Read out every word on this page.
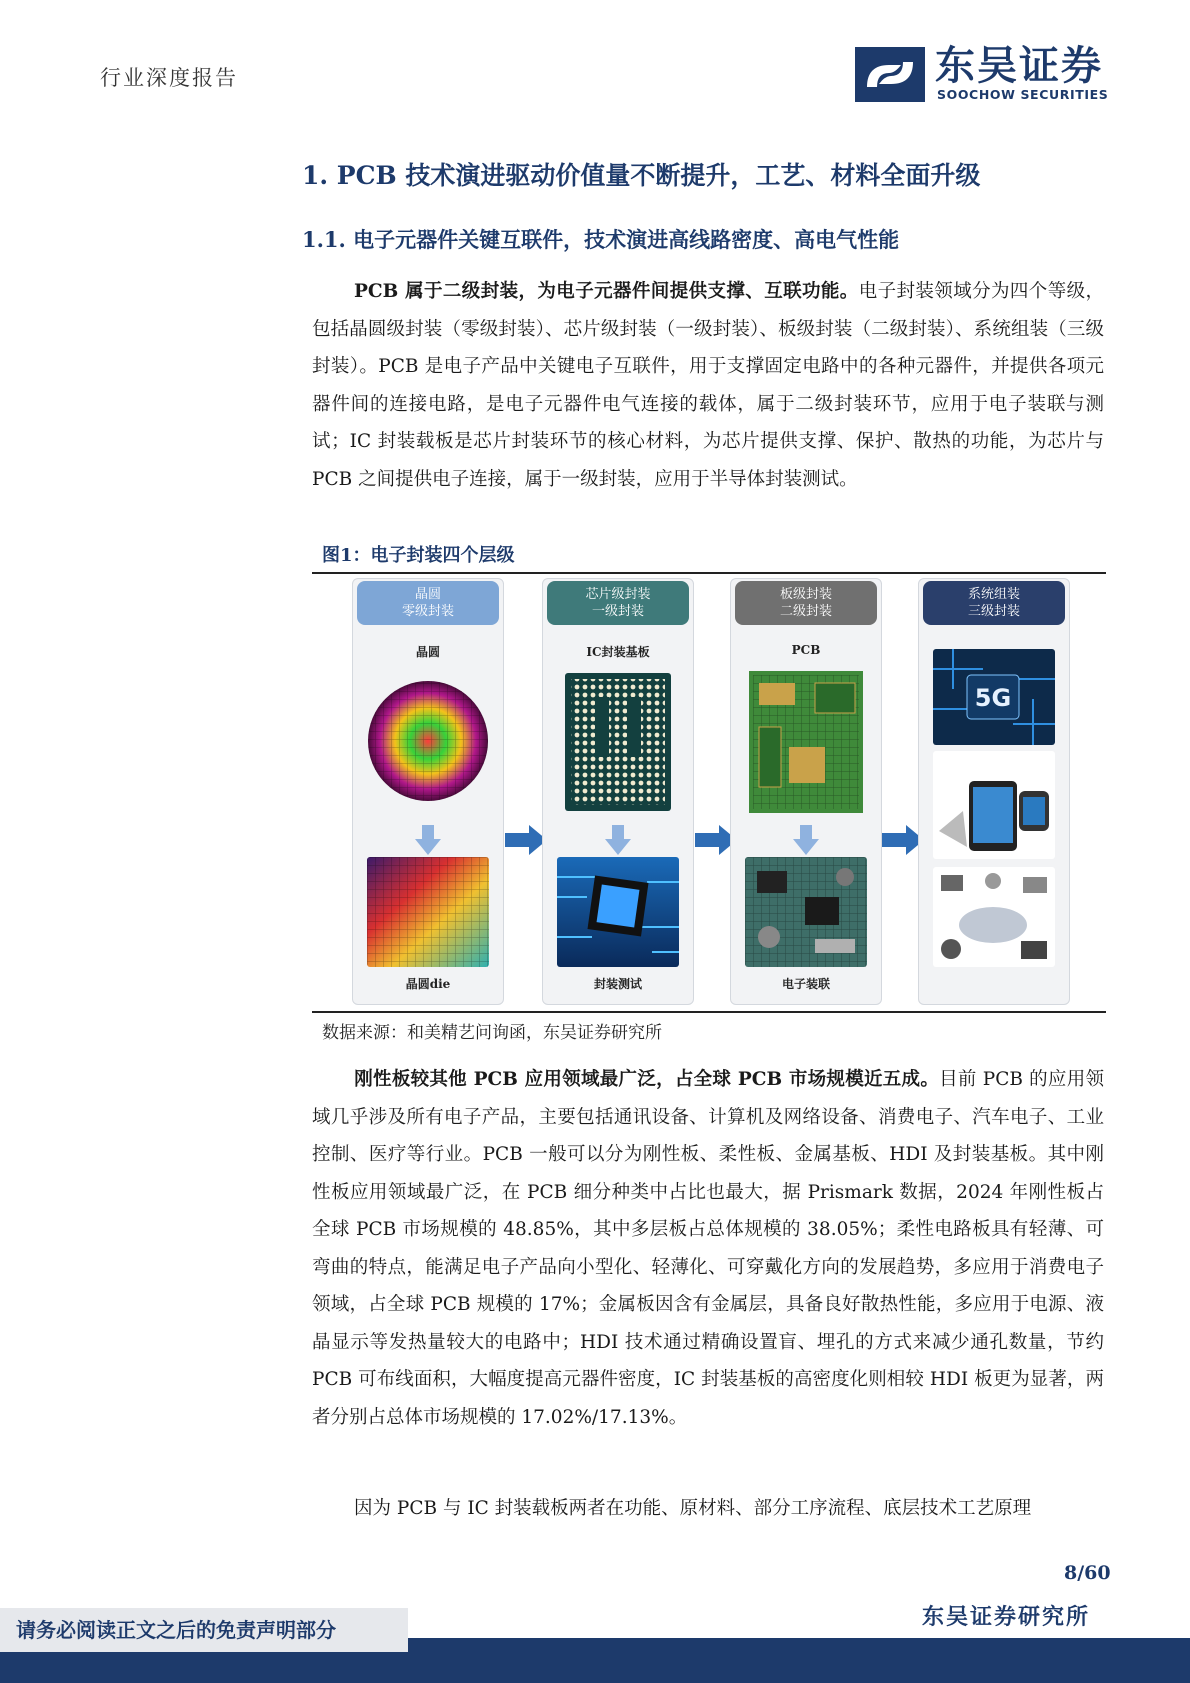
行业深度报告	东吴证券
SOOCHOW SECURITIES
1. PCB 技术演进驱动价值量不断提升，工艺、材料全面升级
1.1. 电子元器件关键互联件，技术演进高线路密度、高电气性能
PCB 属于二级封装，为电子元器件间提供支撑、互联功能。电子封装领域分为四个等级，包括晶圆级封装（零级封装）、芯片级封装（一级封装）、板级封装（二级封装）、系统组装（三级封装）。PCB 是电子产品中关键电子互联件，用于支撑固定电路中的各种元器件，并提供各项元器件间的连接电路，是电子元器件电气连接的载体，属于二级封装环节，应用于电子装联与测试；IC 封装载板是芯片封装环节的核心材料，为芯片提供支撑、保护、散热的功能，为芯片与 PCB 之间提供电子连接，属于一级封装，应用于半导体封装测试。
图1：电子封装四个层级
晶圆
零级封装
晶圆
晶圆die
芯片级封装
一级封装
IC封装基板
封装测试
板级封装
二级封装
PCB
电子装联
系统组装
三级封装
5G
数据来源：和美精艺问询函，东吴证券研究所
刚性板较其他 PCB 应用领域最广泛，占全球 PCB 市场规模近五成。目前 PCB 的应用领域几乎涉及所有电子产品，主要包括通讯设备、计算机及网络设备、消费电子、汽车电子、工业控制、医疗等行业。PCB 一般可以分为刚性板、柔性板、金属基板、HDI 及封装基板。其中刚性板应用领域最广泛，在 PCB 细分种类中占比也最大，据 Prismark 数据，2024 年刚性板占全球 PCB 市场规模的 48.85%，其中多层板占总体规模的 38.05%；柔性电路板具有轻薄、可弯曲的特点，能满足电子产品向小型化、轻薄化、可穿戴化方向的发展趋势，多应用于消费电子领域，占全球 PCB 规模的 17%；金属板因含有金属层，具备良好散热性能，多应用于电源、液晶显示等发热量较大的电路中；HDI 技术通过精确设置盲、埋孔的方式来减少通孔数量，节约 PCB 可布线面积，大幅度提高元器件密度，IC 封装基板的高密度化则相较 HDI 板更为显著，两者分别占总体市场规模的 17.02%/17.13%。
因为 PCB 与 IC 封装载板两者在功能、原材料、部分工序流程、底层技术工艺原理
8/60
东吴证券研究所
请务必阅读正文之后的免责声明部分
